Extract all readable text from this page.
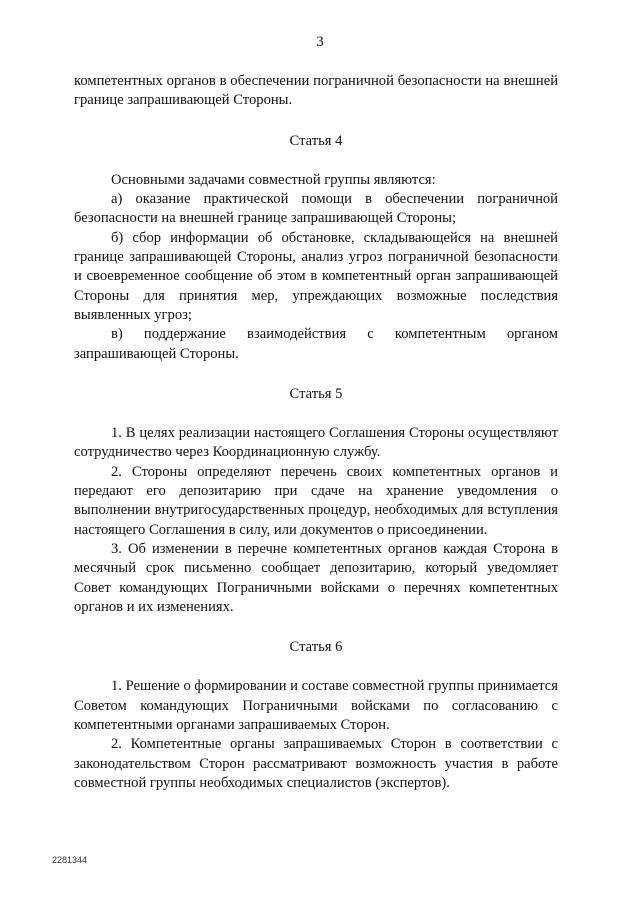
3

компетентных органов в обеспечении пограничной безопасности на внешней границе запрашивающей Стороны.

Статья 4

Основными задачами совместной группы являются:

а) оказание практической помощи в обеспечении пограничной безопасности на внешней границе запрашивающей Стороны;

б) сбор информации об обстановке, складывающейся на внешней границе запрашивающей Стороны, анализ угроз пограничной безопасности и своевременное сообщение об этом в компетентный орган запрашивающей Стороны для принятия мер, упреждающих возможные последствия выявленных угроз;

в) поддержание взаимодействия с компетентным органом запрашивающей Стороны.

Статья 5

1. В целях реализации настоящего Соглашения Стороны осуществляют сотрудничество через Координационную службу.

2. Стороны определяют перечень своих компетентных органов и передают его депозитарию при сдаче на хранение уведомления о выполнении внутригосударственных процедур, необходимых для вступления настоящего Соглашения в силу, или документов о присоединении.

3. Об изменении в перечне компетентных органов каждая Сторона в месячный срок письменно сообщает депозитарию, который уведомляет Совет командующих Пограничными войсками о перечнях компетентных органов и их изменениях.

Статья 6

1. Решение о формировании и составе совместной группы принимается Советом командующих Пограничными войсками по согласованию с компетентными органами запрашиваемых Сторон.

2. Компетентные органы запрашиваемых Сторон в соответствии с законодательством Сторон рассматривают возможность участия в работе совместной группы необходимых специалистов (экспертов).

2281344
